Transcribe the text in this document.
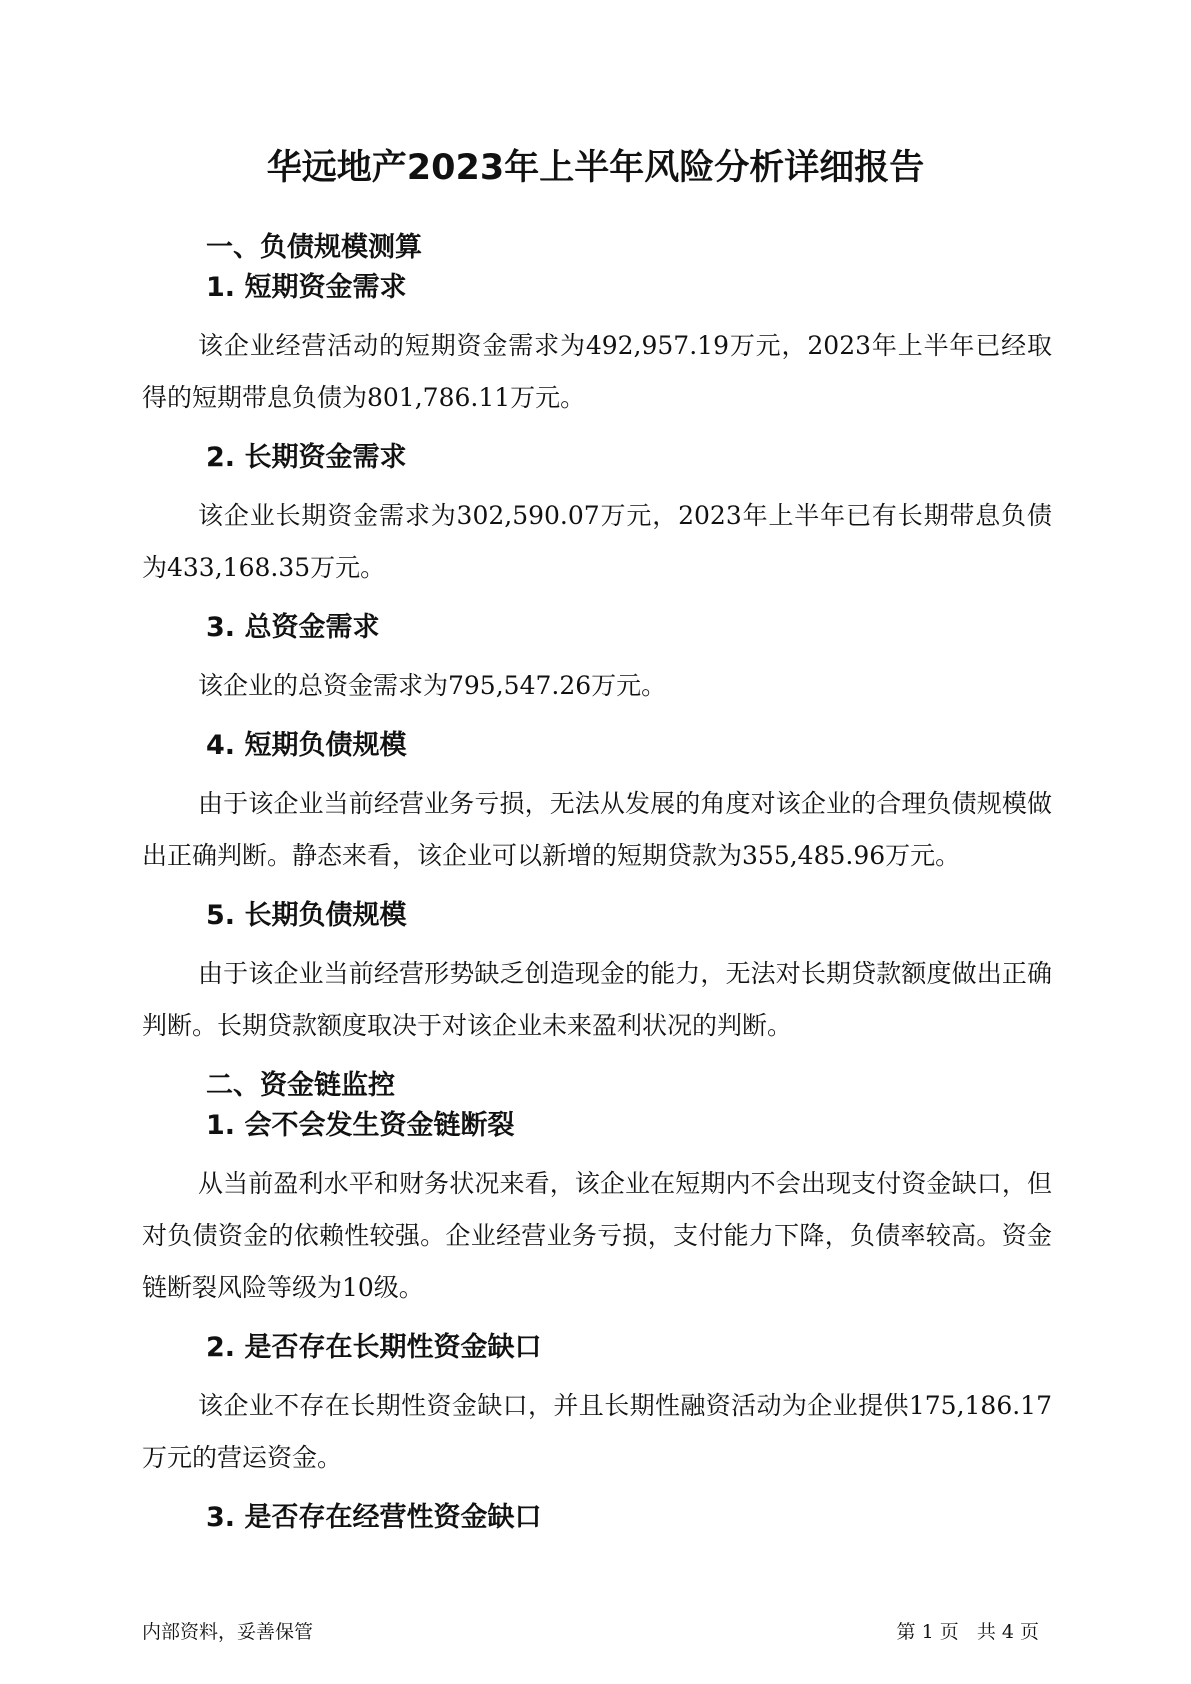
华远地产2023年上半年风险分析详细报告
一、负债规模测算
1. 短期资金需求

该企业经营活动的短期资金需求为492,957.19万元，2023年上半年已经取得的短期带息负债为801,786.11万元。

2. 长期资金需求

该企业长期资金需求为302,590.07万元，2023年上半年已有长期带息负债为433,168.35万元。

3. 总资金需求

该企业的总资金需求为795,547.26万元。

4. 短期负债规模

由于该企业当前经营业务亏损，无法从发展的角度对该企业的合理负债规模做出正确判断。静态来看，该企业可以新增的短期贷款为355,485.96万元。

5. 长期负债规模

由于该企业当前经营形势缺乏创造现金的能力，无法对长期贷款额度做出正确判断。长期贷款额度取决于对该企业未来盈利状况的判断。

二、资金链监控
1. 会不会发生资金链断裂

从当前盈利水平和财务状况来看，该企业在短期内不会出现支付资金缺口，但对负债资金的依赖性较强。企业经营业务亏损，支付能力下降，负债率较高。资金链断裂风险等级为10级。

2. 是否存在长期性资金缺口

该企业不存在长期性资金缺口，并且长期性融资活动为企业提供175,186.17万元的营运资金。

3. 是否存在经营性资金缺口
内部资料，妥善保管	第 1 页   共 4 页
